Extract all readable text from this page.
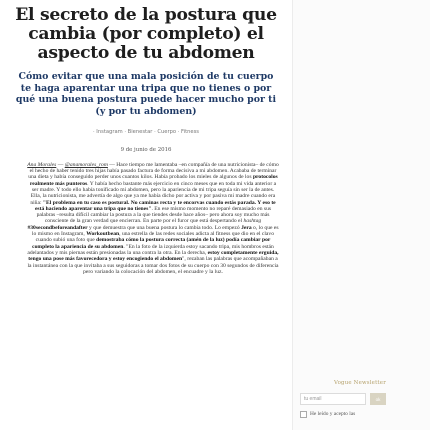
El secreto de la postura que cambia (por completo) el aspecto de tu abdomen
Cómo evitar que una mala posición de tu cuerpo te haga aparentar una tripa que no tienes o por qué una buena postura puede hacer mucho por ti (y por tu abdomen)
· Instagram · Bienestar · Cuerpo · Fitness
9 de junio de 2016
Ana Morales — @anamorales_rom — Hace tiempo me lamentaba –en compañía de una nutricionista– de cómo el hecho de haber tenido tres hijas había pasado factura de forma decisiva a mi abdomen. Acababa de terminar una dieta y había conseguido perder unos cuantos kilos. Había probado los mieles de algunos de los protocolos realmente más punteros. Y había hecho bastante más ejercicio en cinco meses que en toda mi vida anterior a ser madre. Y todo ello había tonificado mi abdomen, pero la apariencia de mi tripa seguía sin ser la de antes. Ella, la nutricionista, me advertía de algo que ya me había dicho por activa y por pasiva mi madre cuando era niña: "El problema en tu caso es postural. No caminas recta y te encorvas cuando estás parada. Y eso te está haciendo aparentar una tripa que no tienes". En ese mismo momento no reparé demasiado en sus palabras –resulta difícil cambiar la postura a la que tiendes desde hace años– pero ahora soy mucho más consciente de la gran verdad que encierran. En parte por el furor que está despertando el hashtag #30secondbeforeandafter y que demuestra que una buena postura lo cambia todo. Lo empezó Jera o, lo que es lo mismo en Instagram, Workoutbean, una estrella de las redes sociales adicta al fitness que dio en el clavo cuando subió una foto que demostraba cómo la postura correcta (amén de la luz) podía cambiar por completo la apariencia de su abdomen. "En la foto de la izquierda estoy sacando tripa, mis hombros están adelantados y mis piernas están presionadas la una contra la otra. En la derecha, estoy completamente erguida, tengo una pose más favorecedora y estoy encogiendo el abdomen", rezaban las palabras que acompañaban a la instantánea con la que invitaba a sus seguidoras a tomar dos fotos de su cuerpo con 30 segundos de diferencia pero variando la colocación del abdomen, el encuadre y la luz.
Vogue Newsletter
tu email
ok
He leído y acepto las
